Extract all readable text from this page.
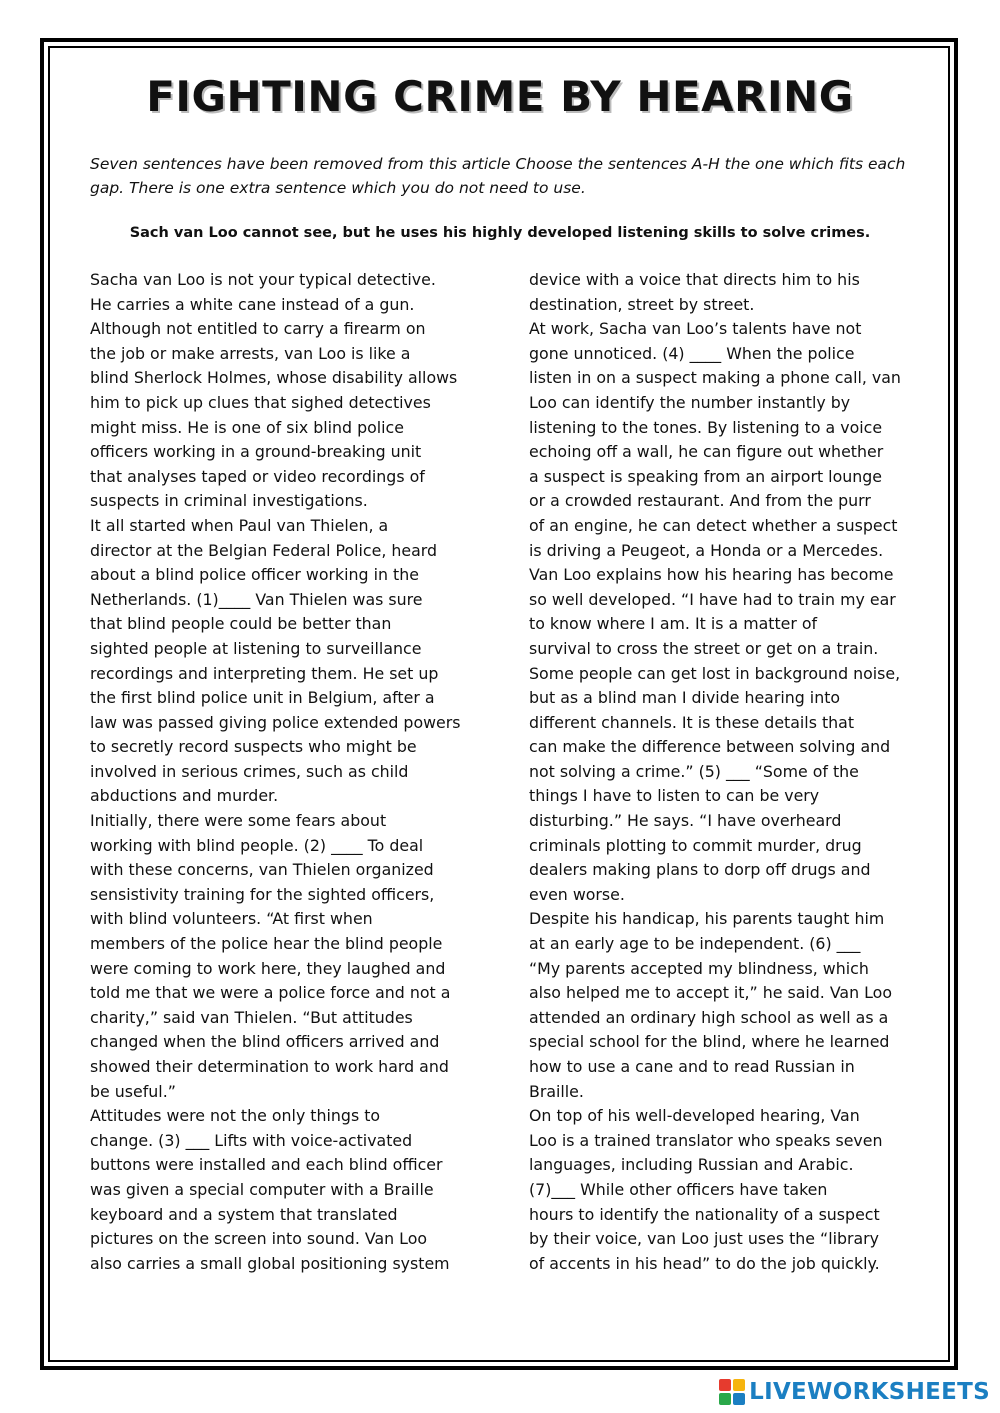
FIGHTING CRIME BY HEARING

Seven sentences have been removed from this article Choose the sentences A-H the one which fits each gap. There is one extra sentence which you do not need to use.

Sach van Loo cannot see, but he uses his highly developed listening skills to solve crimes.

Sacha van Loo is not your typical detective.
He carries a white cane instead of a gun.
Although not entitled to carry a firearm on
the job or make arrests, van Loo is like a
blind Sherlock Holmes, whose disability allows
him to pick up clues that sighed detectives
might miss. He is one of six blind police
officers working in a ground-breaking unit
that analyses taped or video recordings of
suspects in criminal investigations.

It all started when Paul van Thielen, a
director at the Belgian Federal Police, heard
about a blind police officer working in the
Netherlands. (1)____ Van Thielen was sure
that blind people could be better than
sighted people at listening to surveillance
recordings and interpreting them. He set up
the first blind police unit in Belgium, after a
law was passed giving police extended powers
to secretly record suspects who might be
involved in serious crimes, such as child
abductions and murder.

Initially, there were some fears about
working with blind people. (2) ____ To deal
with these concerns, van Thielen organized
sensistivity training for the sighted officers,
with blind volunteers. “At first when
members of the police hear the blind people
were coming to work here, they laughed and
told me that we were a police force and not a
charity,” said van Thielen. “But attitudes
changed when the blind officers arrived and
showed their determination to work hard and
be useful.”

Attitudes were not the only things to
change. (3) ___ Lifts with voice-activated
buttons were installed and each blind officer
was given a special computer with a Braille
keyboard and a system that translated
pictures on the screen into sound. Van Loo
also carries a small global positioning system

device with a voice that directs him to his
destination, street by street.

At work, Sacha van Loo’s talents have not
gone unnoticed. (4) ____ When the police
listen in on a suspect making a phone call, van
Loo can identify the number instantly by
listening to the tones. By listening to a voice
echoing off a wall, he can figure out whether
a suspect is speaking from an airport lounge
or a crowded restaurant. And from the purr
of an engine, he can detect whether a suspect
is driving a Peugeot, a Honda or a Mercedes.

Van Loo explains how his hearing has become
so well developed. “I have had to train my ear
to know where I am. It is a matter of
survival to cross the street or get on a train.
Some people can get lost in background noise,
but as a blind man I divide hearing into
different channels. It is these details that
can make the difference between solving and
not solving a crime.” (5) ___ “Some of the
things I have to listen to can be very
disturbing.” He says. “I have overheard
criminals plotting to commit murder, drug
dealers making plans to dorp off drugs and
even worse.

Despite his handicap, his parents taught him
at an early age to be independent. (6) ___
“My parents accepted my blindness, which
also helped me to accept it,” he said. Van Loo
attended an ordinary high school as well as a
special school for the blind, where he learned
how to use a cane and to read Russian in
Braille.

On top of his well-developed hearing, Van
Loo is a trained translator who speaks seven
languages, including Russian and Arabic.
(7)___ While other officers have taken
hours to identify the nationality of a suspect
by their voice, van Loo just uses the “library
of accents in his head” to do the job quickly.

LIVEWORKSHEETS
